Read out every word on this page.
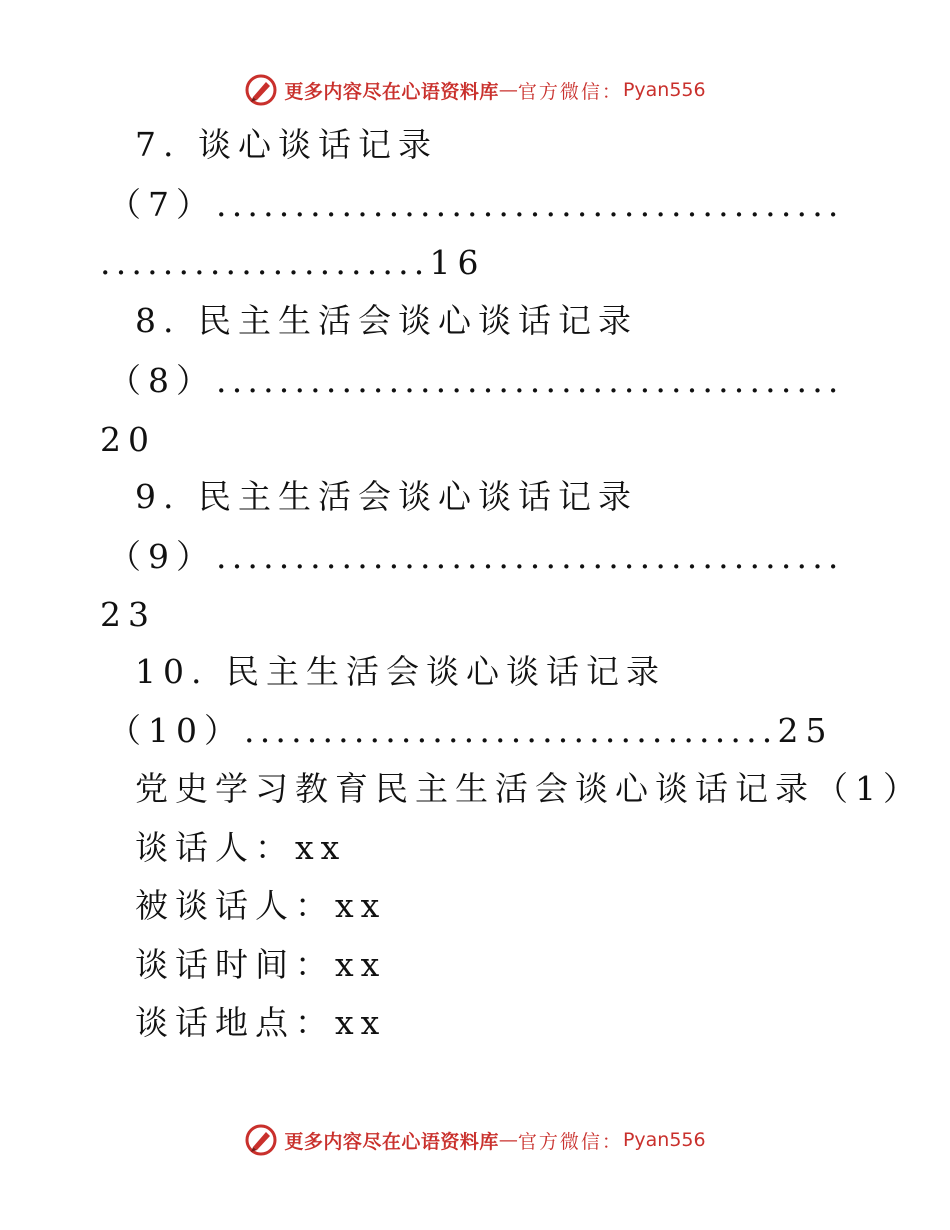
更多内容尽在心语资料库 — 官方微信： Pyan556
7. 谈心谈话记录
（7）........................................
.....................16
8. 民主生活会谈心谈话记录
（8）........................................
20
9. 民主生活会谈心谈话记录
（9）........................................
23
10. 民主生活会谈心谈话记录
（10）..................................25
党史学习教育民主生活会谈心谈话记录（1）
谈话人：xx
被谈话人：xx
谈话时间：xx
谈话地点：xx
更多内容尽在心语资料库 — 官方微信： Pyan556
